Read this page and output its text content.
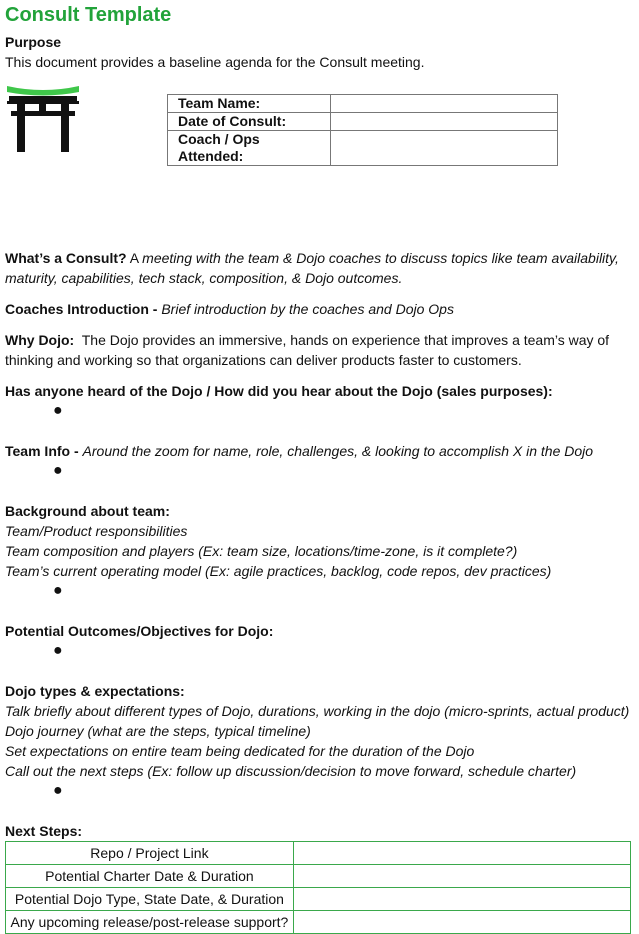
Consult Template
Purpose
This document provides a baseline agenda for the Consult meeting.
Team Name:	
Date of Consult:	
Coach / Ops Attended:	
What’s a Consult? A meeting with the team & Dojo coaches to discuss topics like team availability, maturity, capabilities, tech stack, composition, & Dojo outcomes.
Coaches Introduction - Brief introduction by the coaches and Dojo Ops
Why Dojo:  The Dojo provides an immersive, hands on experience that improves a team’s way of thinking and working so that organizations can deliver products faster to customers.
Has anyone heard of the Dojo / How did you hear about the Dojo (sales purposes):
●
Team Info - Around the zoom for name, role, challenges, & looking to accomplish X in the Dojo
●
Background about team:
Team/Product responsibilities
Team composition and players (Ex: team size, locations/time-zone, is it complete?)
Team’s current operating model (Ex: agile practices, backlog, code repos, dev practices)
●
Potential Outcomes/Objectives for Dojo:
●
Dojo types & expectations:
Talk briefly about different types of Dojo, durations, working in the dojo (micro-sprints, actual product)
Dojo journey (what are the steps, typical timeline)
Set expectations on entire team being dedicated for the duration of the Dojo
Call out the next steps (Ex: follow up discussion/decision to move forward, schedule charter)
●
Next Steps:
Repo / Project Link	
Potential Charter Date & Duration	
Potential Dojo Type, State Date, & Duration	
Any upcoming release/post-release support?	
